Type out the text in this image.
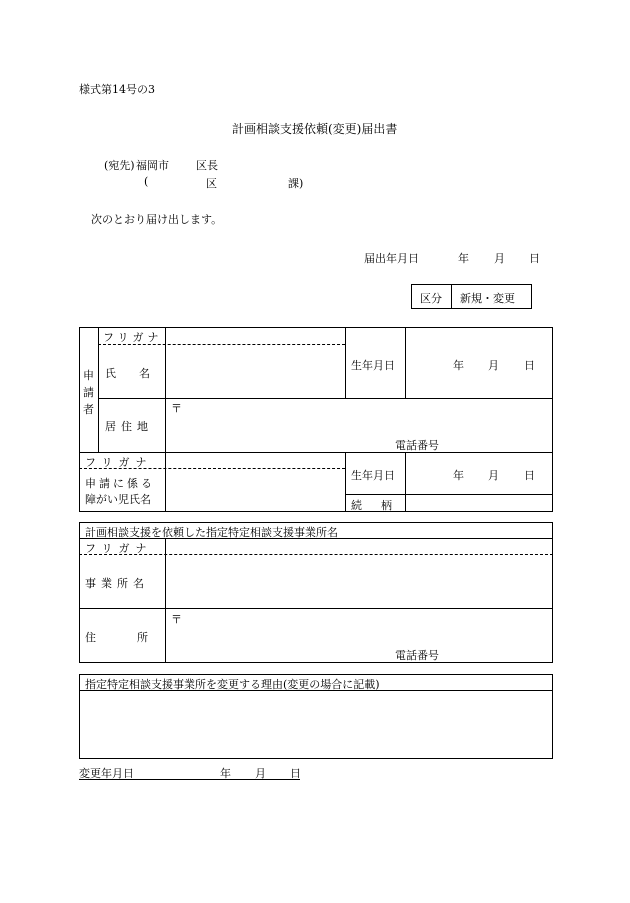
様式第14号の3
計画相談支援依頼(変更)届出書
(宛先) 福岡市 区長
(	区	課)
次のとおり届け出します。
届出年月日	年 月 日
区分 新規・変更
申
請
者
フリガナ
氏　名
生年月日	年 月 日
居住地
〒
電話番号
フリガナ
申請に係る
障がい児氏名
生年月日	年 月 日
続　柄
計画相談支援を依頼した指定特定相談支援事業所名
フリガナ
事業所名
住　所
〒
電話番号
指定特定相談支援事業所を変更する理由(変更の場合に記載)
変更年月日	年 月 日
